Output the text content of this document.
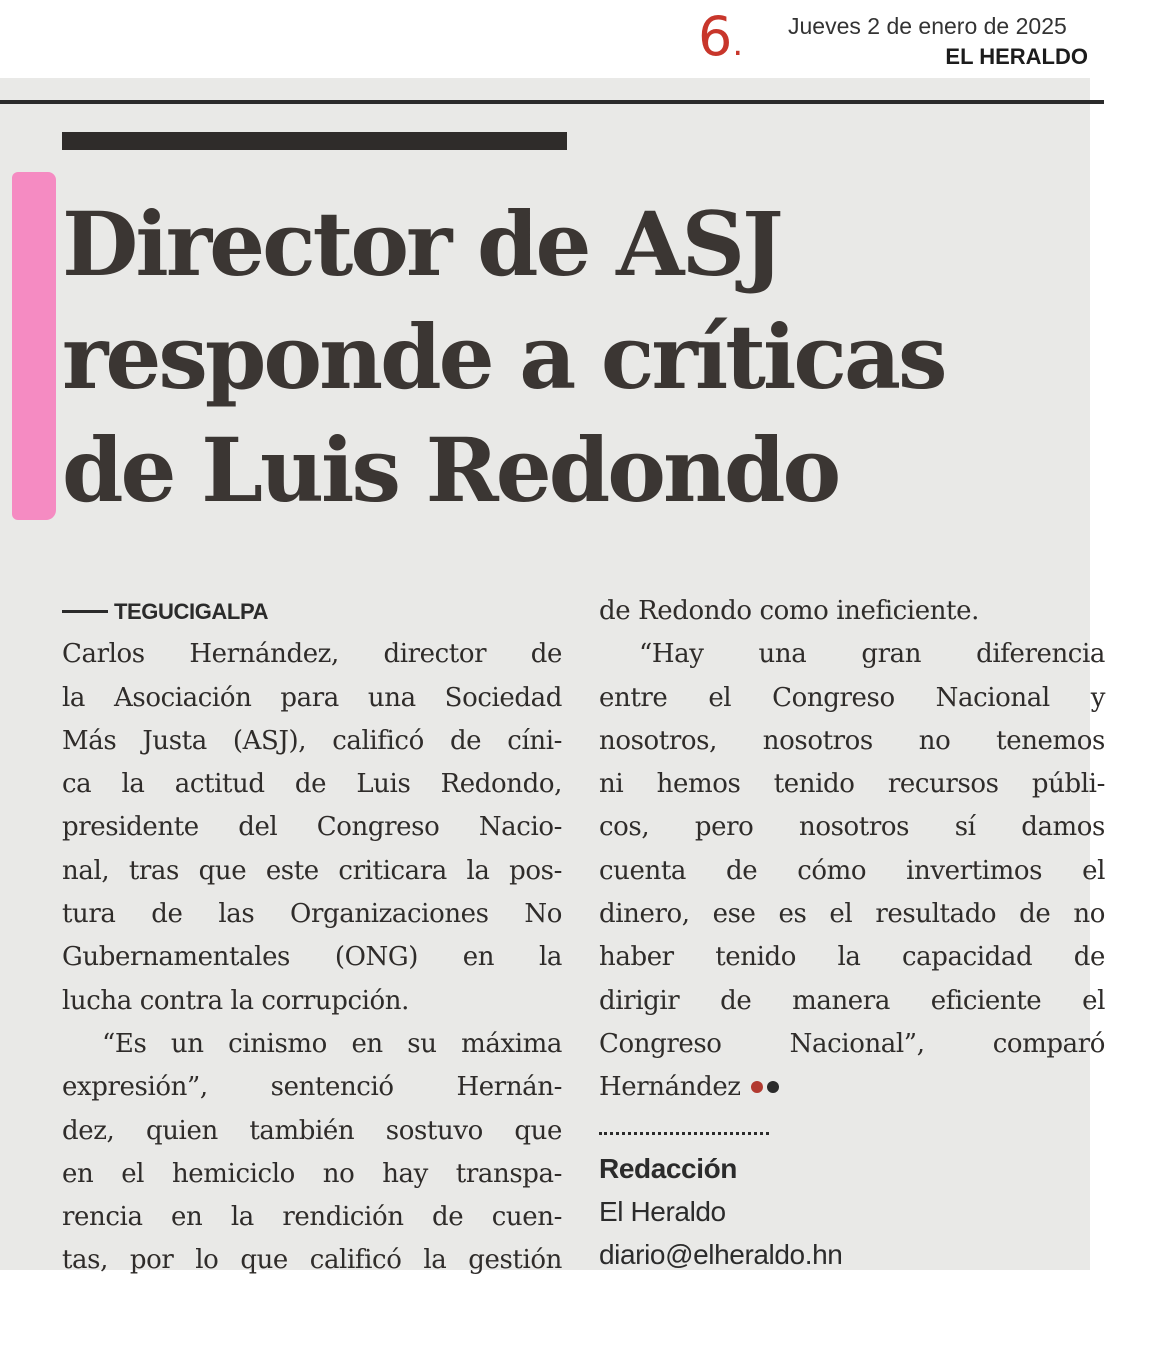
6. Jueves 2 de enero de 2025
EL HERALDO
Director de ASJ
responde a críticas
de Luis Redondo
TEGUCIGALPA
Carlos Hernández, director de
la Asociación para una Sociedad
Más Justa (ASJ), calificó de cíni-
ca la actitud de Luis Redondo,
presidente del Congreso Nacio-
nal, tras que este criticara la pos-
tura de las Organizaciones No
Gubernamentales (ONG) en la
lucha contra la corrupción.
“Es un cinismo en su máxima
expresión”, sentenció Hernán-
dez, quien también sostuvo que
en el hemiciclo no hay transpa-
rencia en la rendición de cuen-
tas, por lo que calificó la gestión
de Redondo como ineficiente.
“Hay una gran diferencia
entre el Congreso Nacional y
nosotros, nosotros no tenemos
ni hemos tenido recursos públi-
cos, pero nosotros sí damos
cuenta de cómo invertimos el
dinero, ese es el resultado de no
haber tenido la capacidad de
dirigir de manera eficiente el
Congreso Nacional”, comparó
Hernández
Redacción
El Heraldo
diario@elheraldo.hn
